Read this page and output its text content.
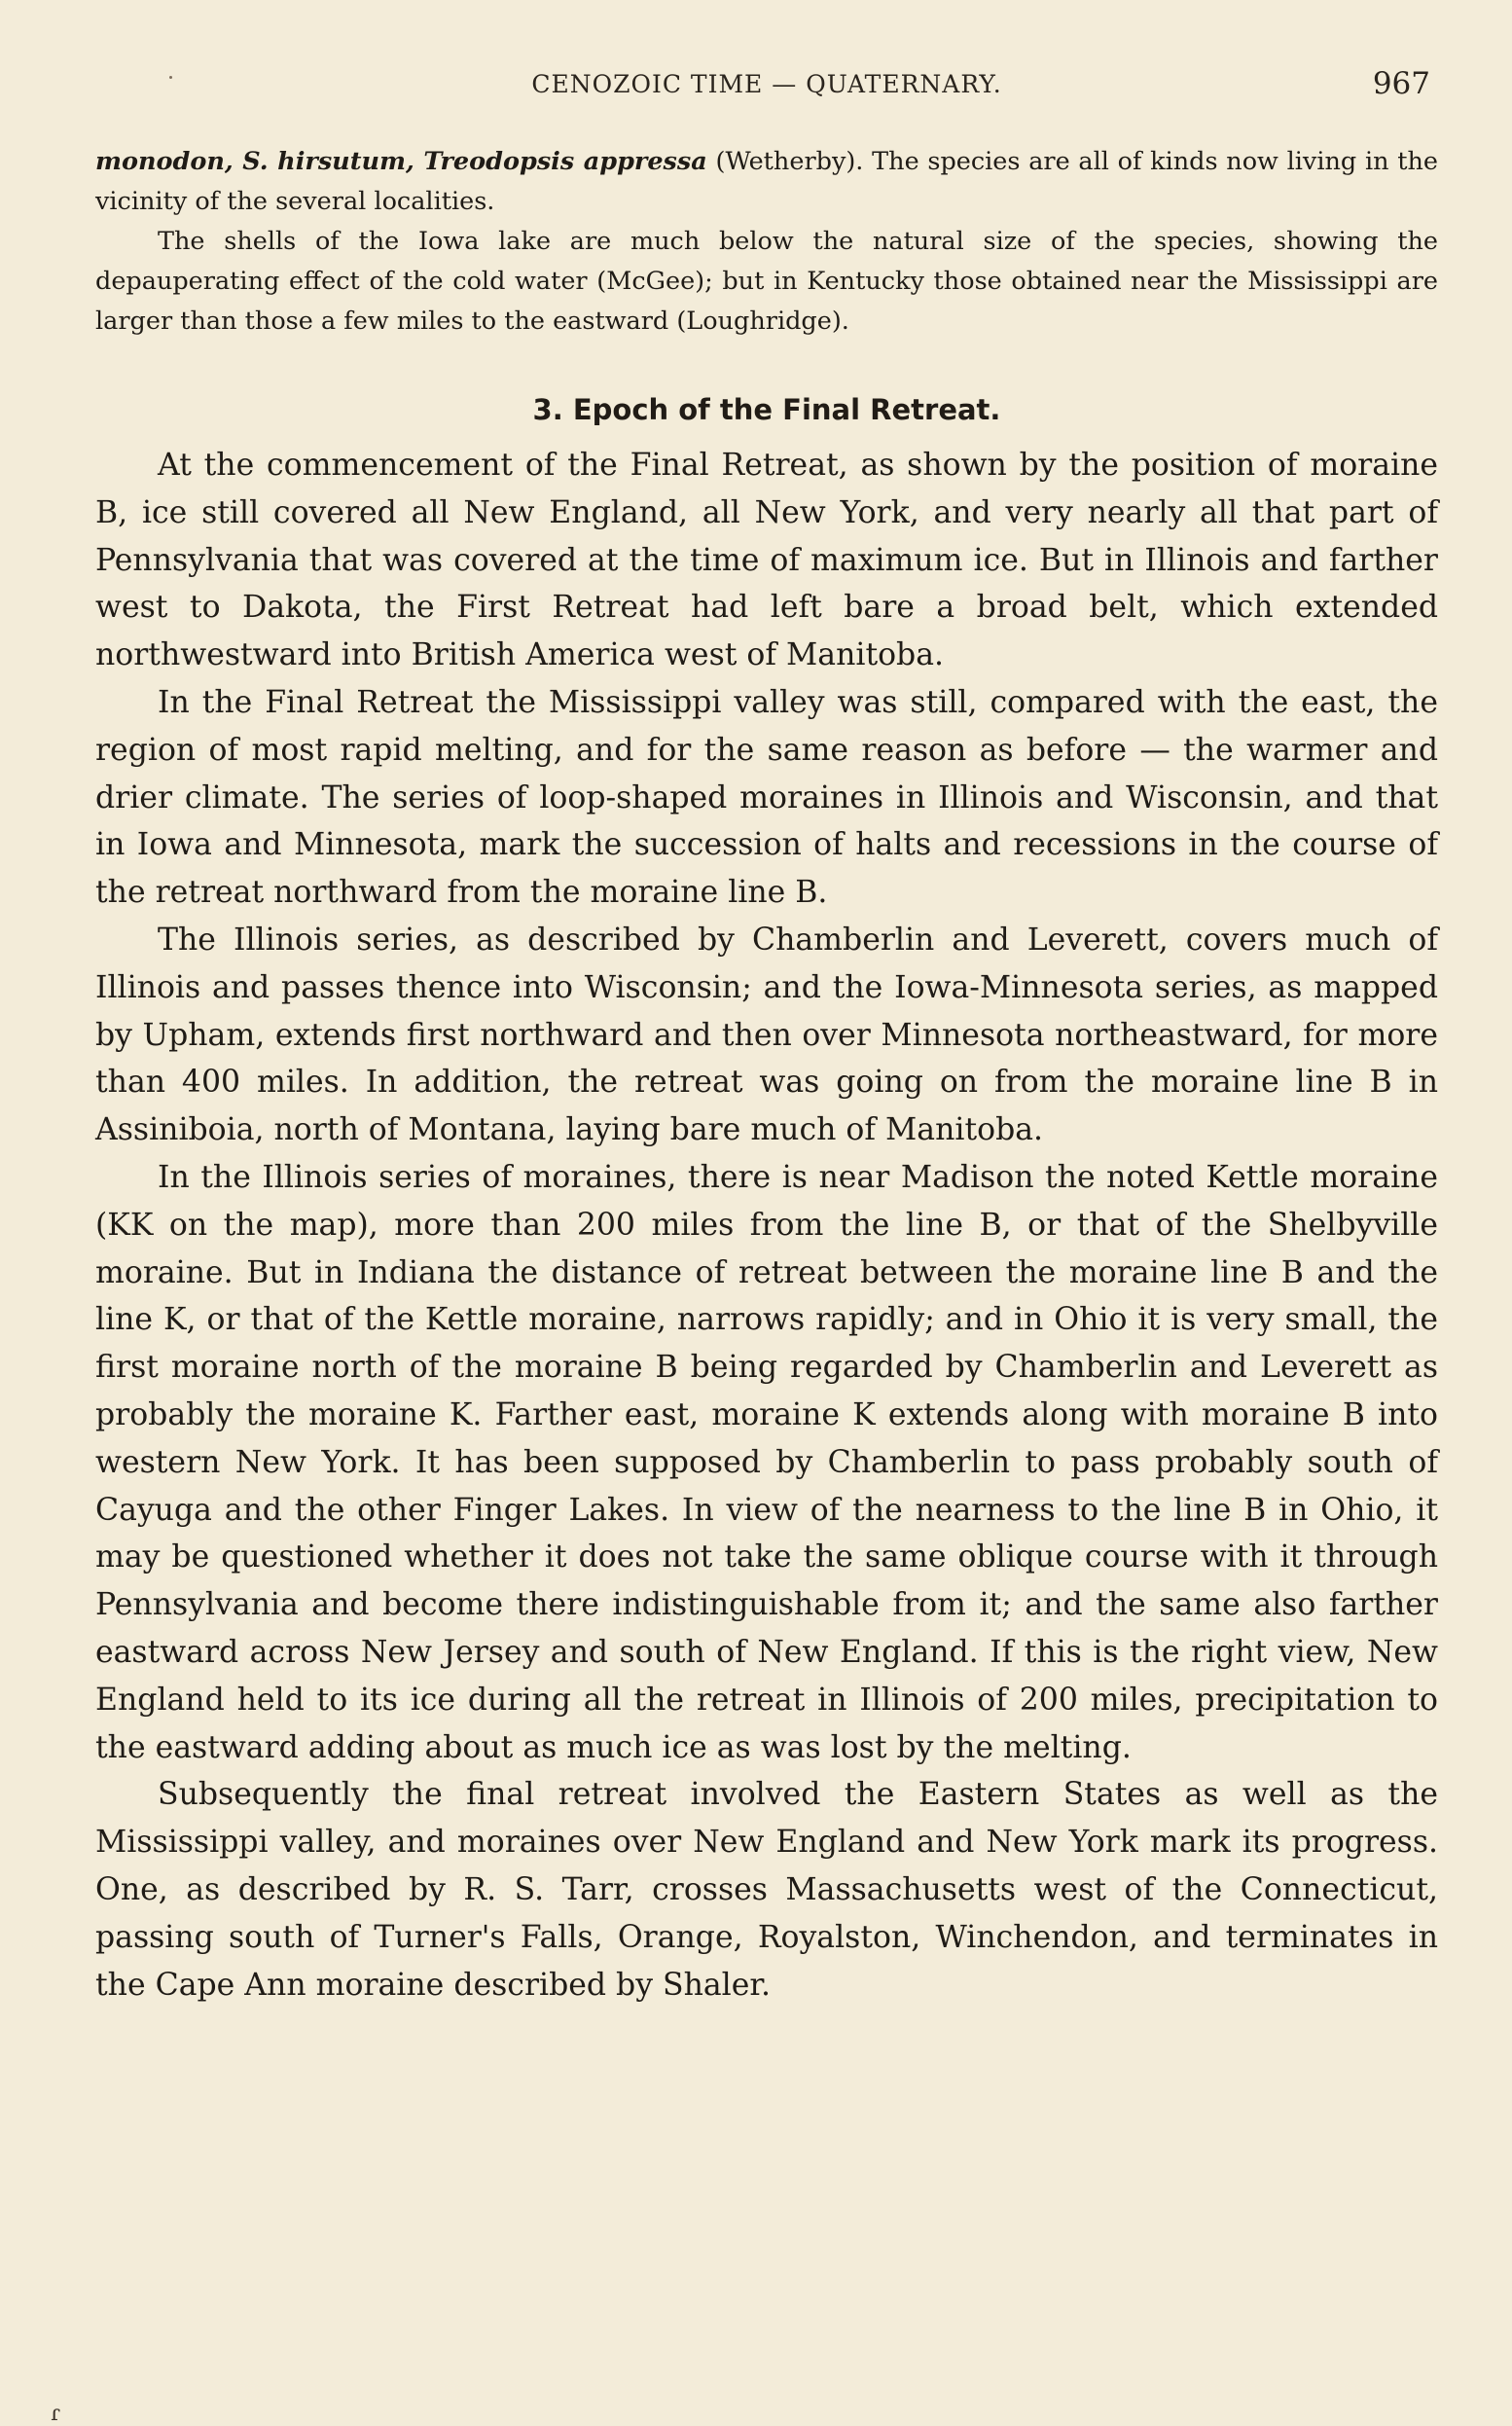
CENOZOIC TIME — QUATERNARY.	967

monodon, S. hirsutum, Treodopsis appressa (Wetherby). The species are all of kinds now living in the vicinity of the several localities.

The shells of the Iowa lake are much below the natural size of the species, showing the depauperating effect of the cold water (McGee); but in Kentucky those obtained near the Mississippi are larger than those a few miles to the eastward (Loughridge).

3. Epoch of the Final Retreat.

At the commencement of the Final Retreat, as shown by the position of moraine B, ice still covered all New England, all New York, and very nearly all that part of Pennsylvania that was covered at the time of maximum ice. But in Illinois and farther west to Dakota, the First Retreat had left bare a broad belt, which extended northwestward into British America west of Manitoba.

In the Final Retreat the Mississippi valley was still, compared with the east, the region of most rapid melting, and for the same reason as before — the warmer and drier climate. The series of loop-shaped moraines in Illinois and Wisconsin, and that in Iowa and Minnesota, mark the succession of halts and recessions in the course of the retreat northward from the moraine line B.

The Illinois series, as described by Chamberlin and Leverett, covers much of Illinois and passes thence into Wisconsin; and the Iowa-Minnesota series, as mapped by Upham, extends first northward and then over Minnesota northeastward, for more than 400 miles. In addition, the retreat was going on from the moraine line B in Assiniboia, north of Montana, laying bare much of Manitoba.

In the Illinois series of moraines, there is near Madison the noted Kettle moraine (KK on the map), more than 200 miles from the line B, or that of the Shelbyville moraine. But in Indiana the distance of retreat between the moraine line B and the line K, or that of the Kettle moraine, narrows rapidly; and in Ohio it is very small, the first moraine north of the moraine B being regarded by Chamberlin and Leverett as probably the moraine K. Farther east, moraine K extends along with moraine B into western New York. It has been supposed by Chamberlin to pass probably south of Cayuga and the other Finger Lakes. In view of the nearness to the line B in Ohio, it may be questioned whether it does not take the same oblique course with it through Pennsylvania and become there indistinguishable from it; and the same also farther eastward across New Jersey and south of New England. If this is the right view, New England held to its ice during all the retreat in Illinois of 200 miles, precipitation to the eastward adding about as much ice as was lost by the melting.

Subsequently the final retreat involved the Eastern States as well as the Mississippi valley, and moraines over New England and New York mark its progress. One, as described by R. S. Tarr, crosses Massachusetts west of the Connecticut, passing south of Turner's Falls, Orange, Royalston, Winchendon, and terminates in the Cape Ann moraine described by Shaler.

ɾ
